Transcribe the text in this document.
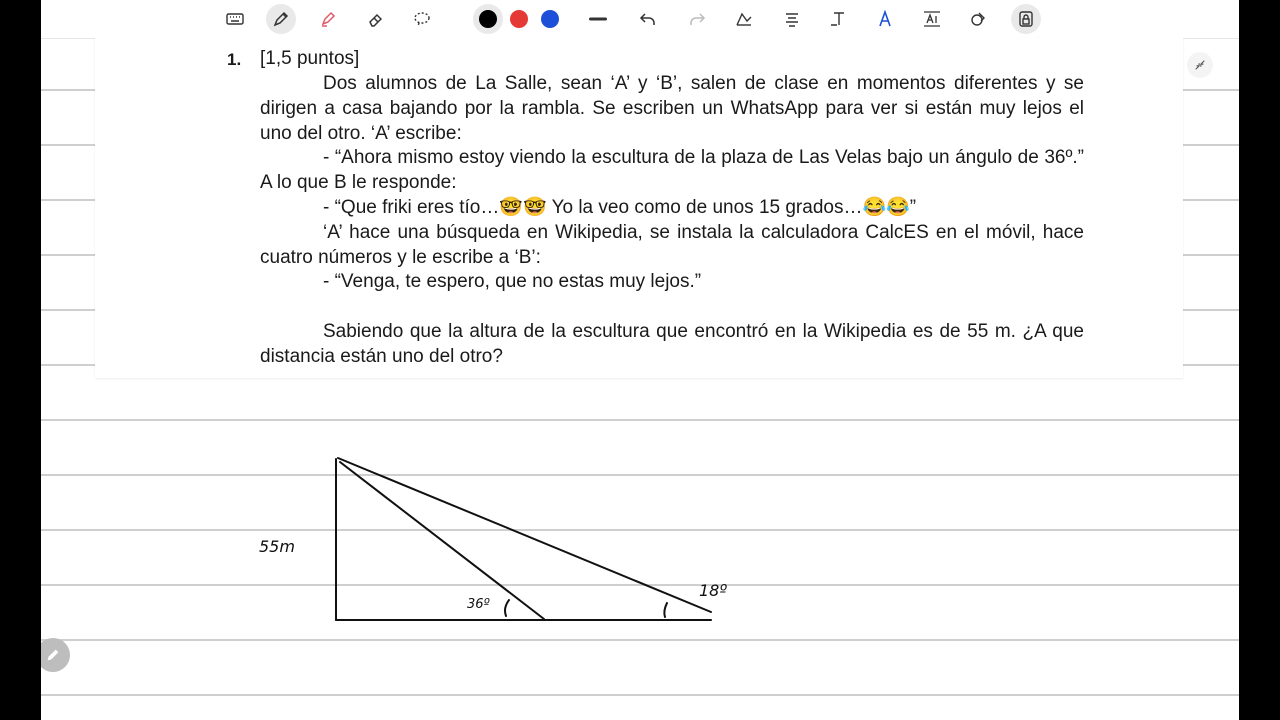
1. [1,5 puntos]

Dos alumnos de La Salle, sean ‘A’ y ‘B’, salen de clase en momentos diferentes y se dirigen a casa bajando por la rambla. Se escriben un WhatsApp para ver si están muy lejos el uno del otro. ‘A’ escribe:

- “Ahora mismo estoy viendo la escultura de la plaza de Las Velas bajo un ángulo de 36º.” A lo que B le responde:

- “Que friki eres tío…🤓🤓 Yo la veo como de unos 15 grados…😂😂”

‘A’ hace una búsqueda en Wikipedia, se instala la calculadora CalcES en el móvil, hace cuatro números y le escribe a ‘B’:

- “Venga, te espero, que no estas muy lejos.”

Sabiendo que la altura de la escultura que encontró en la Wikipedia es de 55 m. ¿A que distancia están uno del otro?

55m
36º
18º
